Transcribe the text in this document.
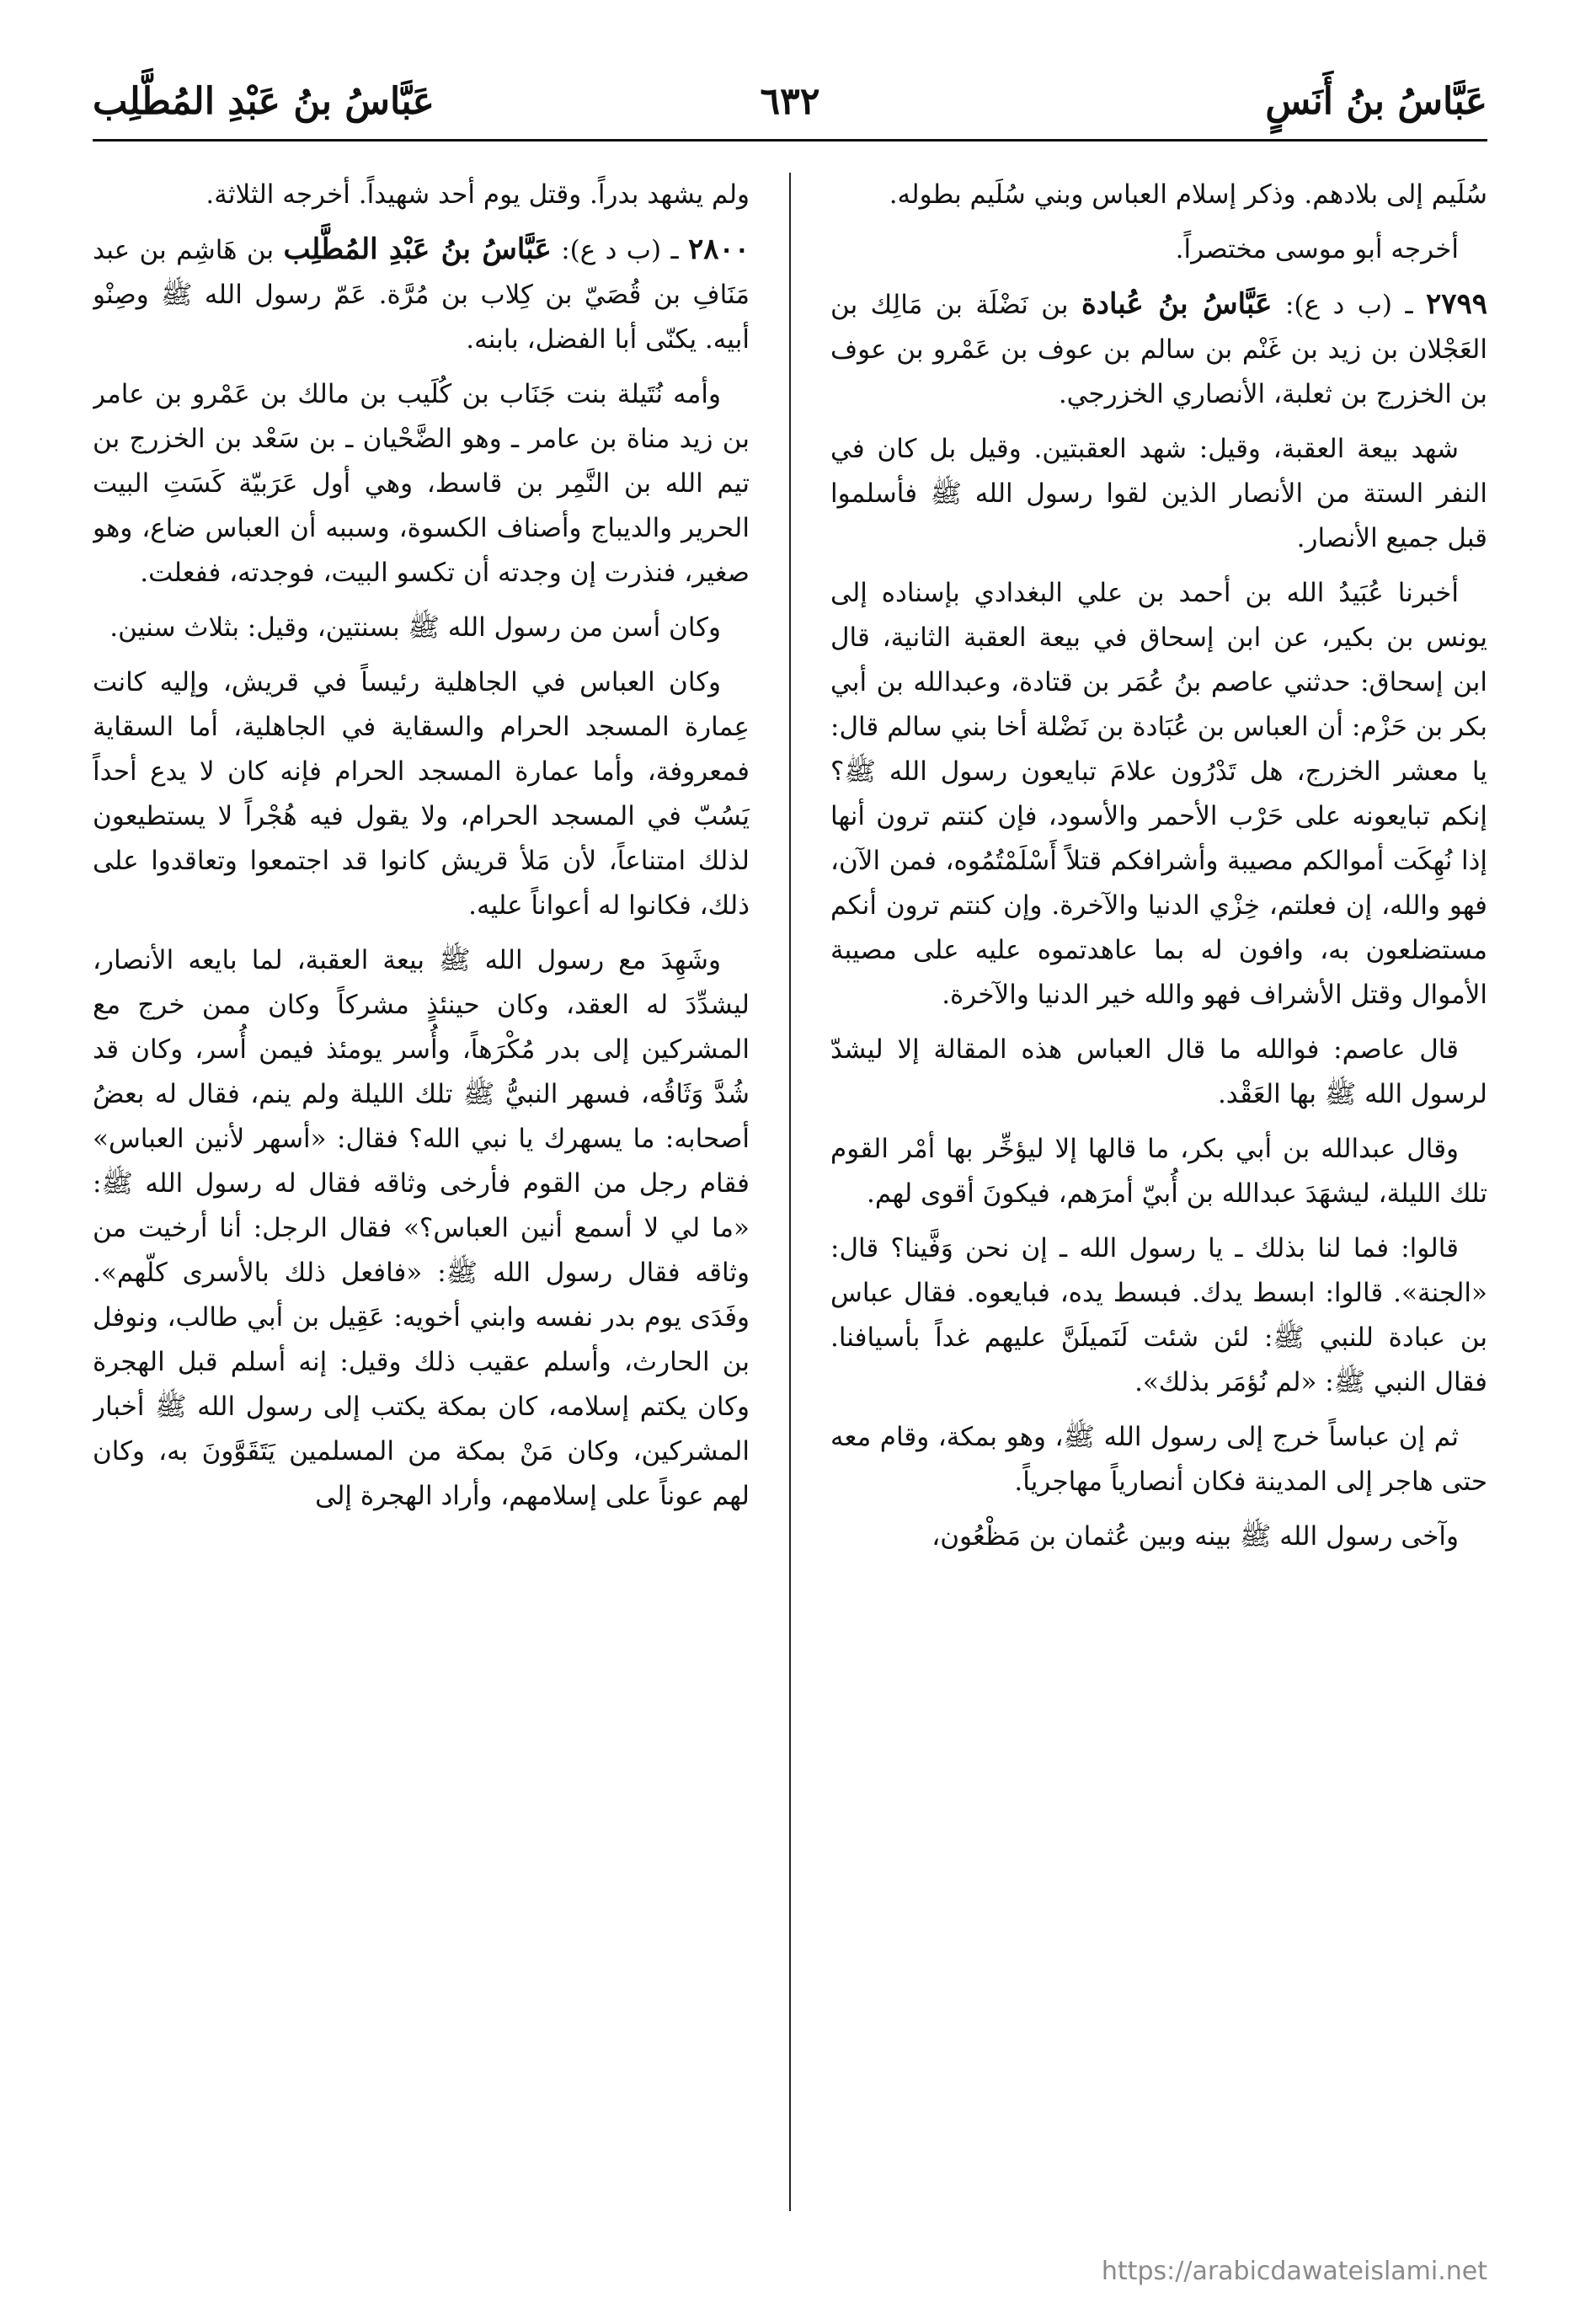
عَبَّاسُ بنُ أَنَسٍ
٦٣٢
عَبَّاسُ بنُ عَبْدِ المُطَّلِب

سُلَيم إلى بلادهم. وذكر إسلام العباس وبني سُلَيم بطوله.

أخرجه أبو موسى مختصراً.

٢٧٩٩ ـ (ب د ع): عَبَّاسُ بنُ عُبادة بن نَضْلَة بن مَالِك بن العَجْلان بن زيد بن غَنْم بن سالم بن عوف بن عَمْرو بن عوف بن الخزرج بن ثعلبة، الأنصاري الخزرجي.

شهد بيعة العقبة، وقيل: شهد العقبتين. وقيل بل كان في النفر الستة من الأنصار الذين لقوا رسول الله ﷺ فأسلموا قبل جميع الأنصار.

أخبرنا عُبَيدُ الله بن أحمد بن علي البغدادي بإسناده إلى يونس بن بكير، عن ابن إسحاق في بيعة العقبة الثانية، قال ابن إسحاق: حدثني عاصم بنُ عُمَر بن قتادة، وعبدالله بن أبي بكر بن حَزْم: أن العباس بن عُبَادة بن نَضْلة أخا بني سالم قال: يا معشر الخزرج، هل تَدْرُون علامَ تبايعون رسول الله ﷺ؟ إنكم تبايعونه على حَرْب الأحمر والأسود، فإن كنتم ترون أنها إذا نُهِكَت أموالكم مصيبة وأشرافكم قتلاً أَسْلَمْتُمُوه، فمن الآن، فهو والله، إن فعلتم، خِزْي الدنيا والآخرة. وإن كنتم ترون أنكم مستضلعون به، وافون له بما عاهدتموه عليه على مصيبة الأموال وقتل الأشراف فهو والله خير الدنيا والآخرة.

قال عاصم: فوالله ما قال العباس هذه المقالة إلا ليشدّ لرسول الله ﷺ بها العَقْد.

وقال عبدالله بن أبي بكر، ما قالها إلا ليؤخِّر بها أمْر القوم تلك الليلة، ليشهَدَ عبدالله بن أُبيّ أمرَهم، فيكونَ أقوى لهم.

قالوا: فما لنا بذلك ـ يا رسول الله ـ إن نحن وَفَّينا؟ قال: «الجنة». قالوا: ابسط يدك. فبسط يده، فبايعوه. فقال عباس بن عبادة للنبي ﷺ: لئن شئت لَنَميلَنَّ عليهم غداً بأسيافنا. فقال النبي ﷺ: «لم نُؤمَر بذلك».

ثم إن عباساً خرج إلى رسول الله ﷺ، وهو بمكة، وقام معه حتى هاجر إلى المدينة فكان أنصارياً مهاجرياً.

وآخى رسول الله ﷺ بينه وبين عُثمان بن مَظْعُون،

ولم يشهد بدراً. وقتل يوم أحد شهيداً. أخرجه الثلاثة.

٢٨٠٠ ـ (ب د ع): عَبَّاسُ بنُ عَبْدِ المُطَّلِب بن هَاشِم بن عبد مَنَافِ بن قُصَيّ بن كِلاب بن مُرَّة. عَمّ رسول الله ﷺ وصِنْو أبيه. يكنّى أبا الفضل، بابنه.

وأمه نُتَيلة بنت جَنَاب بن كُلَيب بن مالك بن عَمْرو بن عامر بن زيد مناة بن عامر ـ وهو الضَّحْيان ـ بن سَعْد بن الخزرج بن تيم الله بن النَّمِر بن قاسط، وهي أول عَرَبيّة كَسَتِ البيت الحرير والديباج وأصناف الكسوة، وسببه أن العباس ضاع، وهو صغير، فنذرت إن وجدته أن تكسو البيت، فوجدته، ففعلت.

وكان أسن من رسول الله ﷺ بسنتين، وقيل: بثلاث سنين.

وكان العباس في الجاهلية رئيساً في قريش، وإليه كانت عِمارة المسجد الحرام والسقاية في الجاهلية، أما السقاية فمعروفة، وأما عمارة المسجد الحرام فإنه كان لا يدع أحداً يَسُبّ في المسجد الحرام، ولا يقول فيه هُجْراً لا يستطيعون لذلك امتناعاً، لأن مَلأ قريش كانوا قد اجتمعوا وتعاقدوا على ذلك، فكانوا له أعواناً عليه.

وشَهِدَ مع رسول الله ﷺ بيعة العقبة، لما بايعه الأنصار، ليشدِّدَ له العقد، وكان حينئذٍ مشركاً وكان ممن خرج مع المشركين إلى بدر مُكْرَهاً، وأُسر يومئذ فيمن أُسر، وكان قد شُدَّ وَثَاقُه، فسهر النبيُّ ﷺ تلك الليلة ولم ينم، فقال له بعضُ أصحابه: ما يسهرك يا نبي الله؟ فقال: «أسهر لأنين العباس» فقام رجل من القوم فأرخى وثاقه فقال له رسول الله ﷺ: «ما لي لا أسمع أنين العباس؟» فقال الرجل: أنا أرخيت من وثاقه فقال رسول الله ﷺ: «فافعل ذلك بالأسرى كلّهم». وفَدَى يوم بدر نفسه وابني أخويه: عَقِيل بن أبي طالب، ونوفل بن الحارث، وأسلم عقيب ذلك وقيل: إنه أسلم قبل الهجرة وكان يكتم إسلامه، كان بمكة يكتب إلى رسول الله ﷺ أخبار المشركين، وكان مَنْ بمكة من المسلمين يَتَقَوَّونَ به، وكان لهم عوناً على إسلامهم، وأراد الهجرة إلى

https://arabicdawateislami.net
